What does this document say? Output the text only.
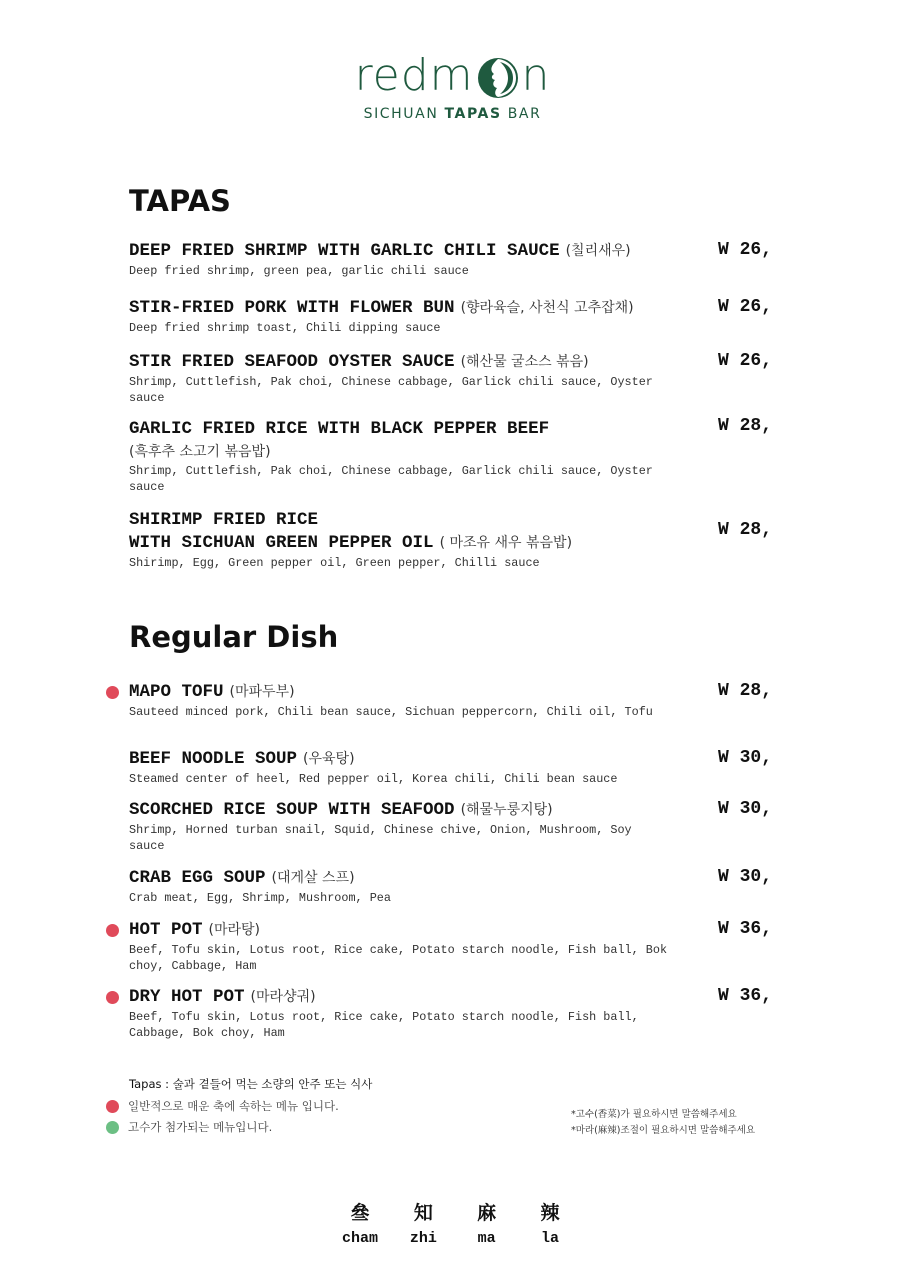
redm n
SICHUAN TAPAS BAR
TAPAS
DEEP FRIED SHRIMP WITH GARLIC CHILI SAUCE (칠리새우)
Deep fried shrimp, green pea, garlic chili sauce
W 26,
STIR-FRIED PORK WITH FLOWER BUN (향라육슬, 사천식 고추잡채)
Deep fried shrimp toast, Chili dipping sauce
W 26,
STIR FRIED SEAFOOD OYSTER SAUCE (해산물 굴소스 볶음)
Shrimp, Cuttlefish, Pak choi, Chinese cabbage, Garlick chili sauce, Oyster sauce
W 26,
GARLIC FRIED RICE WITH BLACK PEPPER BEEF
(흑후추 소고기 볶음밥)
Shrimp, Cuttlefish, Pak choi, Chinese cabbage, Garlick chili sauce, Oyster sauce
W 28,
SHIRIMP FRIED RICE
WITH SICHUAN GREEN PEPPER OIL ( 마조유 새우 볶음밥)
Shirimp, Egg, Green pepper oil, Green pepper, Chilli sauce
W 28,
Regular Dish
MAPO TOFU (마파두부)
Sauteed minced pork, Chili bean sauce, Sichuan peppercorn, Chili oil, Tofu
W 28,
BEEF NOODLE SOUP (우육탕)
Steamed center of heel, Red pepper oil, Korea chili, Chili bean sauce
W 30,
SCORCHED RICE SOUP WITH SEAFOOD (해물누룽지탕)
Shrimp, Horned turban snail, Squid, Chinese chive, Onion, Mushroom, Soy sauce
W 30,
CRAB EGG SOUP (대게살 스프)
Crab meat, Egg, Shrimp, Mushroom, Pea
W 30,
HOT POT (마라탕)
Beef, Tofu skin, Lotus root, Rice cake, Potato starch noodle, Fish ball, Bok choy, Cabbage, Ham
W 36,
DRY HOT POT (마라샹궈)
Beef, Tofu skin, Lotus root, Rice cake, Potato starch noodle, Fish ball, Cabbage, Bok choy, Ham
W 36,
Tapas : 술과 곁들어 먹는 소량의 안주 또는 식사
일반적으로 매운 축에 속하는 메뉴 입니다.
고수가 첨가되는 메뉴입니다.
*고수(香菜)가 필요하시면 말씀해주세요
*마라(麻辣)조절이 필요하시면 말씀해주세요
叄
cham
知
zhi
麻
ma
辣
la
